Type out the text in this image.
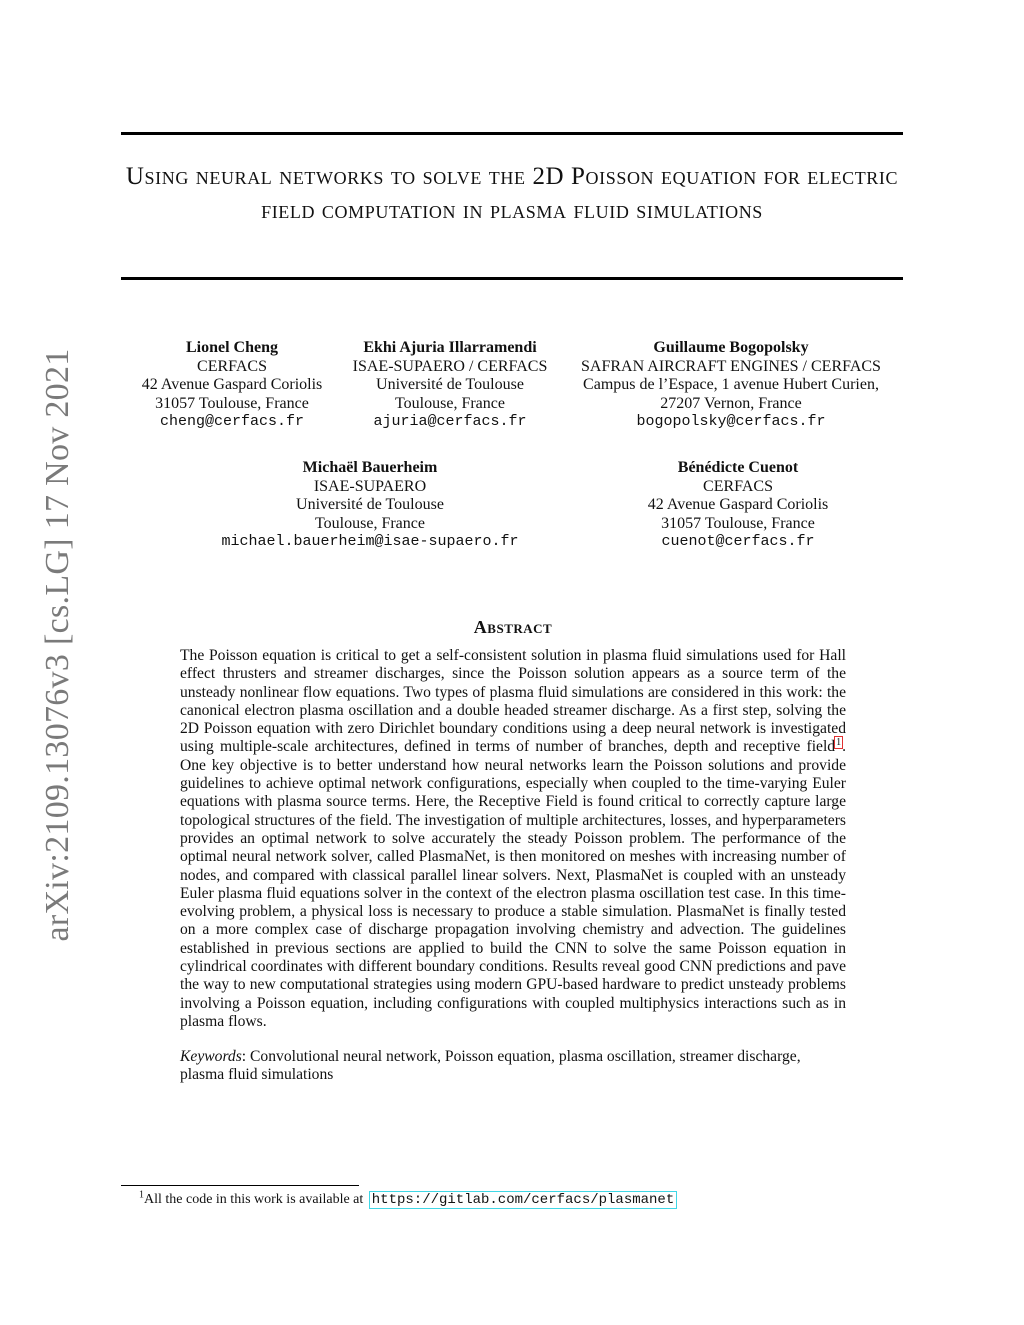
arXiv:2109.13076v3 [cs.LG] 17 Nov 2021
Using neural networks to solve the 2D Poisson equation for electric field computation in plasma fluid simulations
Lionel Cheng
CERFACS
42 Avenue Gaspard Coriolis
31057 Toulouse, France
cheng@cerfacs.fr
Ekhi Ajuria Illarramendi
ISAE-SUPAERO / CERFACS
Université de Toulouse
Toulouse, France
ajuria@cerfacs.fr
Guillaume Bogopolsky
SAFRAN AIRCRAFT ENGINES / CERFACS
Campus de l’Espace, 1 avenue Hubert Curien,
27207 Vernon, France
bogopolsky@cerfacs.fr
Michaël Bauerheim
ISAE-SUPAERO
Université de Toulouse
Toulouse, France
michael.bauerheim@isae-supaero.fr
Bénédicte Cuenot
CERFACS
42 Avenue Gaspard Coriolis
31057 Toulouse, France
cuenot@cerfacs.fr
Abstract
The Poisson equation is critical to get a self-consistent solution in plasma fluid simulations used for Hall effect thrusters and streamer discharges, since the Poisson solution appears as a source term of the unsteady nonlinear flow equations. Two types of plasma fluid simulations are considered in this work: the canonical electron plasma oscillation and a double headed streamer discharge. As a first step, solving the 2D Poisson equation with zero Dirichlet boundary conditions using a deep neural network is investigated using multiple-scale architectures, defined in terms of number of branches, depth and receptive field$^1$. One key objective is to better understand how neural networks learn the Poisson solutions and provide guidelines to achieve optimal network configurations, especially when coupled to the time-varying Euler equations with plasma source terms. Here, the Receptive Field is found critical to correctly capture large topological structures of the field. The investigation of multiple architectures, losses, and hyperparameters provides an optimal network to solve accurately the steady Poisson problem. The performance of the optimal neural network solver, called PlasmaNet, is then monitored on meshes with increasing number of nodes, and compared with classical parallel linear solvers. Next, PlasmaNet is coupled with an unsteady Euler plasma fluid equations solver in the context of the electron plasma oscillation test case. In this time-evolving problem, a physical loss is necessary to produce a stable simulation. PlasmaNet is finally tested on a more complex case of discharge propagation involving chemistry and advection. The guidelines established in previous sections are applied to build the CNN to solve the same Poisson equation in cylindrical coordinates with different boundary conditions. Results reveal good CNN predictions and pave the way to new computational strategies using modern GPU-based hardware to predict unsteady problems involving a Poisson equation, including configurations with coupled multiphysics interactions such as in plasma flows.
Keywords: Convolutional neural network, Poisson equation, plasma oscillation, streamer discharge, plasma fluid simulations
$^1$All the code in this work is available at https://gitlab.com/cerfacs/plasmanet
